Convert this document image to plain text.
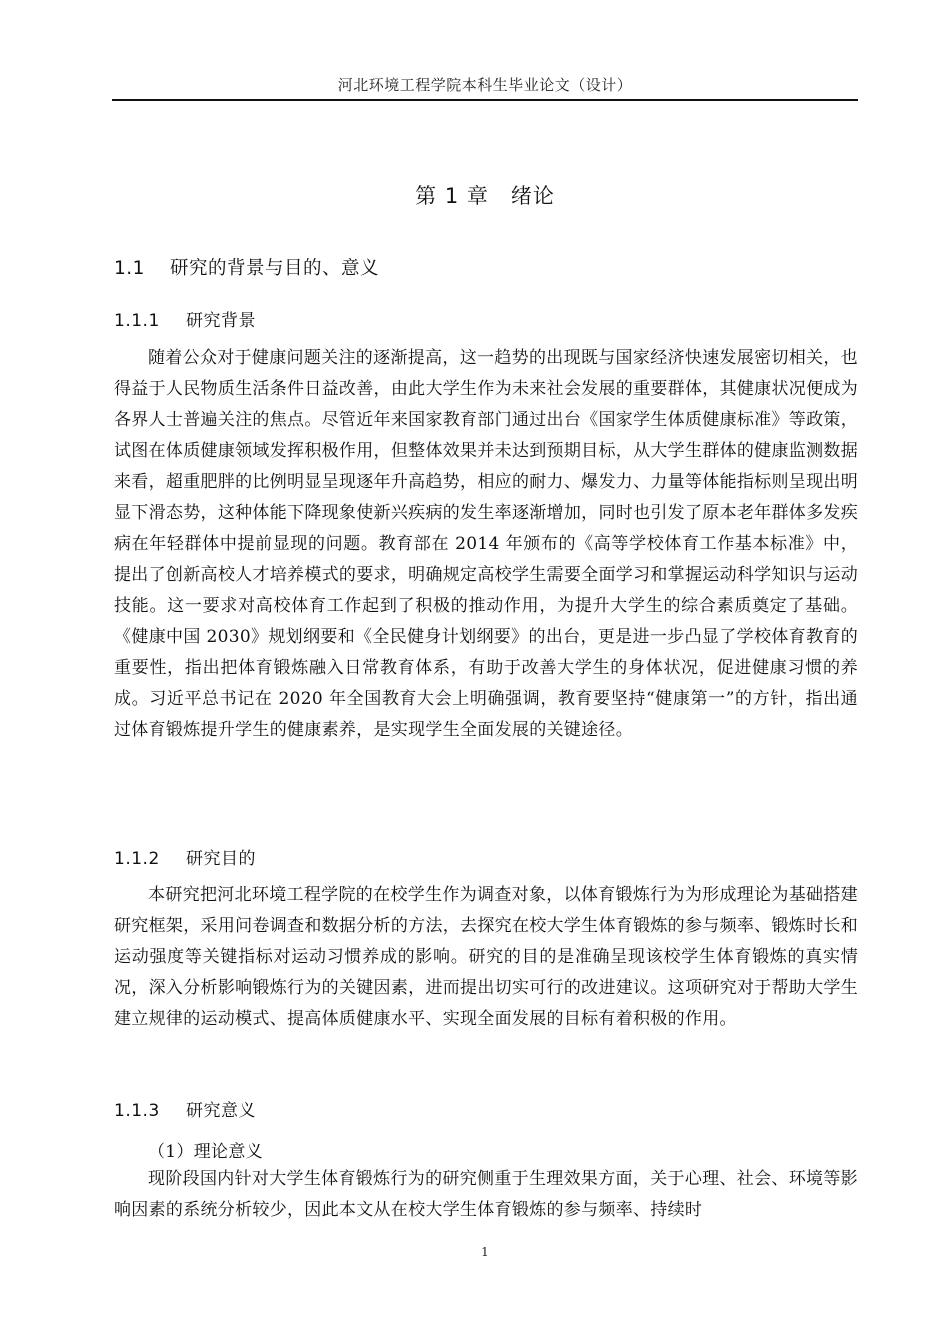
河北环境工程学院本科生毕业论文（设计）
第 1 章 绪论
1.1 研究的背景与目的、意义
1.1.1 研究背景

随着公众对于健康问题关注的逐渐提高，这一趋势的出现既与国家经济快速发展密切相关，也得益于人民物质生活条件日益改善，由此大学生作为未来社会发展的重要群体，其健康状况便成为各界人士普遍关注的焦点。尽管近年来国家教育部门通过出台《国家学生体质健康标准》等政策，试图在体质健康领域发挥积极作用，但整体效果并未达到预期目标，从大学生群体的健康监测数据来看，超重肥胖的比例明显呈现逐年升高趋势，相应的耐力、爆发力、力量等体能指标则呈现出明显下滑态势，这种体能下降现象使新兴疾病的发生率逐渐增加，同时也引发了原本老年群体多发疾病在年轻群体中提前显现的问题。教育部在 2014 年颁布的《高等学校体育工作基本标准》中，提出了创新高校人才培养模式的要求，明确规定高校学生需要全面学习和掌握运动科学知识与运动技能。这一要求对高校体育工作起到了积极的推动作用，为提升大学生的综合素质奠定了基础。《健康中国 2030》规划纲要和《全民健身计划纲要》的出台，更是进一步凸显了学校体育教育的重要性，指出把体育锻炼融入日常教育体系，有助于改善大学生的身体状况，促进健康习惯的养成。习近平总书记在 2020 年全国教育大会上明确强调，教育要坚持“健康第一”的方针，指出通过体育锻炼提升学生的健康素养，是实现学生全面发展的关键途径。

1.1.2 研究目的

本研究把河北环境工程学院的在校学生作为调查对象，以体育锻炼行为为形成理论为基础搭建研究框架，采用问卷调查和数据分析的方法，去探究在校大学生体育锻炼的参与频率、锻炼时长和运动强度等关键指标对运动习惯养成的影响。研究的目的是准确呈现该校学生体育锻炼的真实情况，深入分析影响锻炼行为的关键因素，进而提出切实可行的改进建议。这项研究对于帮助大学生建立规律的运动模式、提高体质健康水平、实现全面发展的目标有着积极的作用。

1.1.3 研究意义
（1）理论意义

现阶段国内针对大学生体育锻炼行为的研究侧重于生理效果方面，关于心理、社会、环境等影响因素的系统分析较少，因此本文从在校大学生体育锻炼的参与频率、持续时

1
